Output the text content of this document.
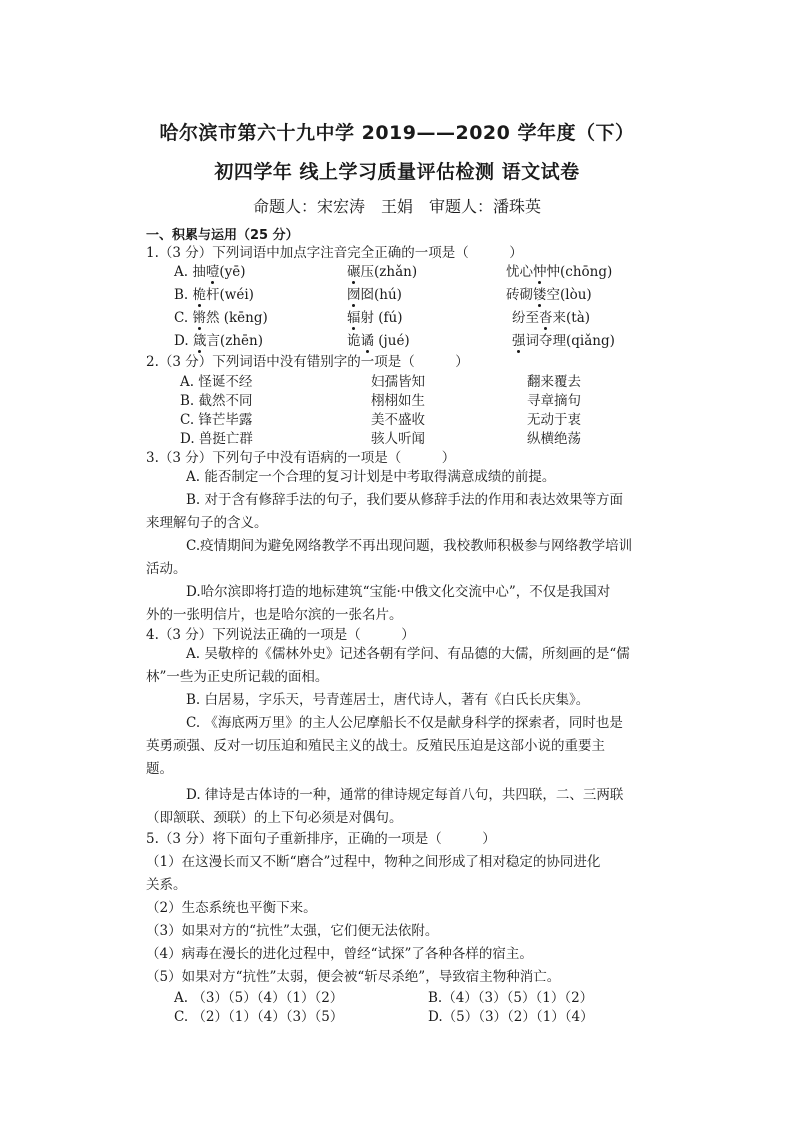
哈尔滨市第六十九中学 2019——2020 学年度（下）
初四学年 线上学习质量评估检测 语文试卷
命题人：宋宏涛　王娟　审题人：潘珠英
一、积累与运用（25 分）
1.（3 分）下列词语中加点字注音完全正确的一项是（　　　）
A. 抽噎(yē)	碾压(zhǎn)	忧心忡忡(chōng)
B. 桅杆(wéi)	囫囵(hú)	砖砌镂空(lòu)
C. 锵然 (kēng)	辐射 (fú)	纷至沓来(tà)
D. 箴言(zhēn)	诡谲 (jué)	强词夺理(qiǎng)
2.（3 分）下列词语中没有错别字的一项是（　　　）
A. 怪诞不经	妇孺皆知	翻来覆去
B. 截然不同	栩栩如生	寻章摘句
C. 锋芒毕露	美不盛收	无动于衷
D. 兽挺亡群	骇人听闻	纵横绝荡
3.（3 分）下列句子中没有语病的一项是（　　　）
A. 能否制定一个合理的复习计划是中考取得满意成绩的前提。
B. 对于含有修辞手法的句子，我们要从修辞手法的作用和表达效果等方面
来理解句子的含义。
C.疫情期间为避免网络教学不再出现问题，我校教师积极参与网络教学培训
活动。
D.哈尔滨即将打造的地标建筑“宝能·中俄文化交流中心”，不仅是我国对
外的一张明信片，也是哈尔滨的一张名片。
4.（3 分）下列说法正确的一项是（　　　）
A. 吴敬梓的《儒林外史》记述各朝有学问、有品德的大儒，所刻画的是“儒
林”一些为正史所记载的面相。
B. 白居易，字乐天，号青莲居士，唐代诗人，著有《白氏长庆集》。
C. 《海底两万里》的主人公尼摩船长不仅是献身科学的探索者，同时也是
英勇顽强、反对一切压迫和殖民主义的战士。反殖民压迫是这部小说的重要主
题。
D. 律诗是古体诗的一种，通常的律诗规定每首八句，共四联，二、三两联
（即颔联、颈联）的上下句必须是对偶句。
5.（3 分）将下面句子重新排序，正确的一项是（　　　）
（1）在这漫长而又不断“磨合”过程中，物种之间形成了相对稳定的协同进化
关系。
（2）生态系统也平衡下来。
（3）如果对方的“抗性”太强，它们便无法依附。
（4）病毒在漫长的进化过程中，曾经“试探”了各种各样的宿主。
（5）如果对方“抗性”太弱，便会被“斩尽杀绝”，导致宿主物种消亡。
A. （3）（5）（4）（1）（2）	B.（4）（3）（5）（1）（2）
C. （2）（1）（4）（3）（5）	D.（5）（3）（2）（1）（4）
